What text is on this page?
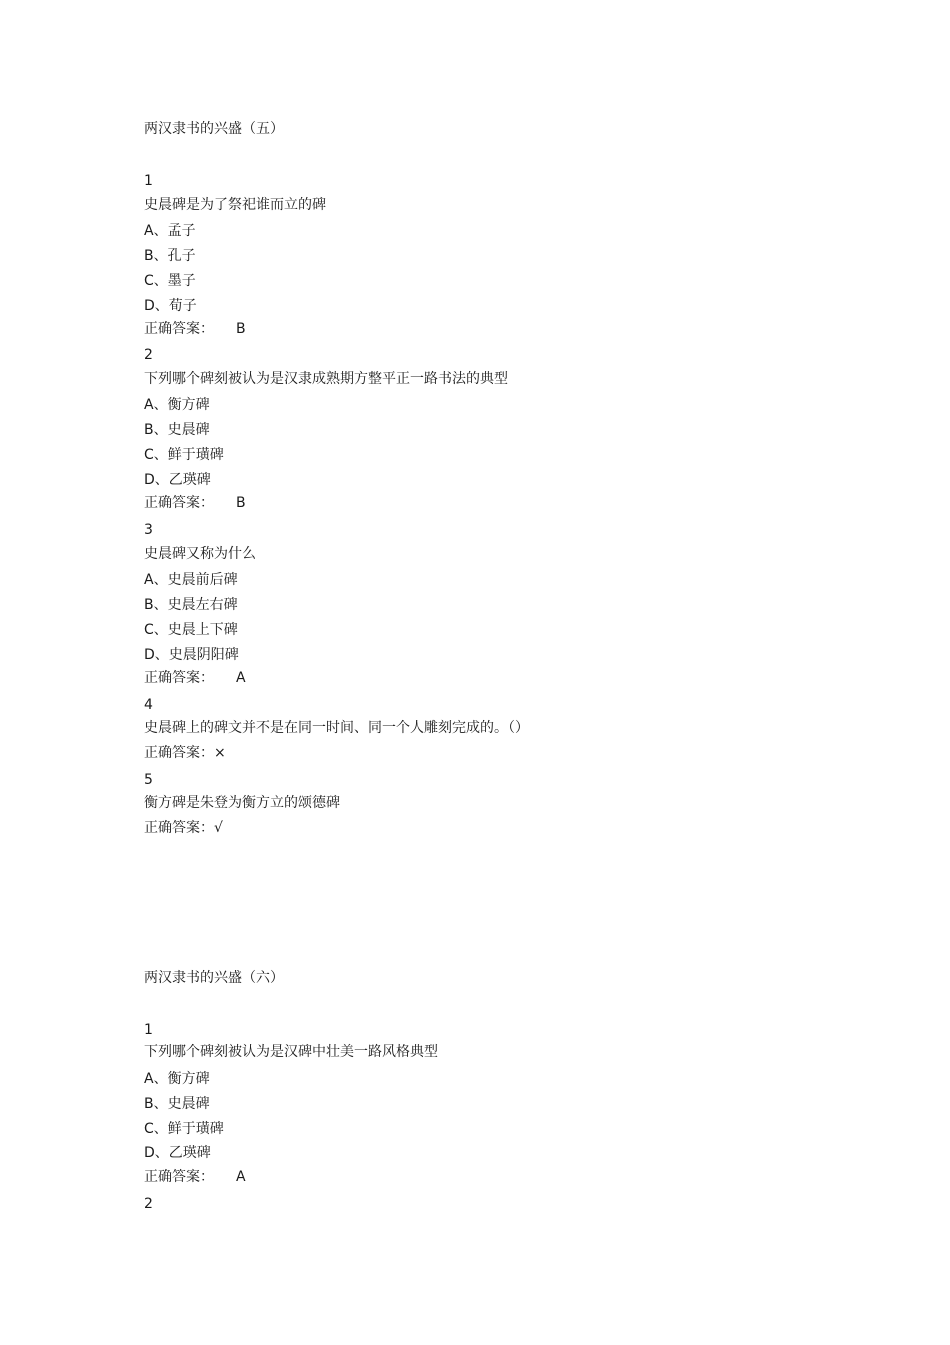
两汉隶书的兴盛（五）
1
史晨碑是为了祭祀谁而立的碑
A、孟子
B、孔子
C、墨子
D、荀子
正确答案： B
2
下列哪个碑刻被认为是汉隶成熟期方整平正一路书法的典型
A、衡方碑
B、史晨碑
C、鲜于璜碑
D、乙瑛碑
正确答案： B
3
史晨碑又称为什么
A、史晨前后碑
B、史晨左右碑
C、史晨上下碑
D、史晨阴阳碑
正确答案： A
4
史晨碑上的碑文并不是在同一时间、同一个人雕刻完成的。（）
正确答案：×
5
衡方碑是朱登为衡方立的颂德碑
正确答案：√
两汉隶书的兴盛（六）
1
下列哪个碑刻被认为是汉碑中壮美一路风格典型
A、衡方碑
B、史晨碑
C、鲜于璜碑
D、乙瑛碑
正确答案： A
2
